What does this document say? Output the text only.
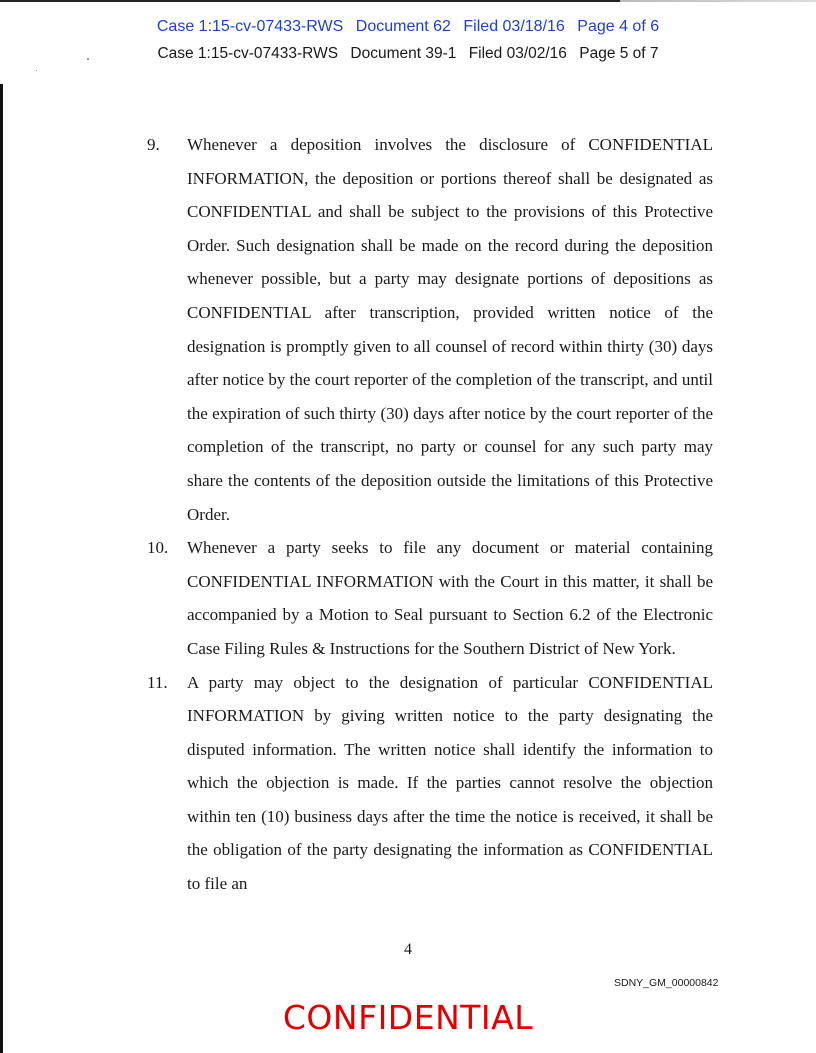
Case 1:15-cv-07433-RWS Document 62 Filed 03/18/16 Page 4 of 6
Case 1:15-cv-07433-RWS Document 39-1 Filed 03/02/16 Page 5 of 7
9.	Whenever a deposition involves the disclosure of CONFIDENTIAL INFORMATION, the deposition or portions thereof shall be designated as CONFIDENTIAL and shall be subject to the provisions of this Protective Order. Such designation shall be made on the record during the deposition whenever possible, but a party may designate portions of depositions as CONFIDENTIAL after transcription, provided written notice of the designation is promptly given to all counsel of record within thirty (30) days after notice by the court reporter of the completion of the transcript, and until the expiration of such thirty (30) days after notice by the court reporter of the completion of the transcript, no party or counsel for any such party may share the contents of the deposition outside the limitations of this Protective Order.
10.	Whenever a party seeks to file any document or material containing CONFIDENTIAL INFORMATION with the Court in this matter, it shall be accompanied by a Motion to Seal pursuant to Section 6.2 of the Electronic Case Filing Rules & Instructions for the Southern District of New York.
11.	A party may object to the designation of particular CONFIDENTIAL INFORMATION by giving written notice to the party designating the disputed information. The written notice shall identify the information to which the objection is made. If the parties cannot resolve the objection within ten (10) business days after the time the notice is received, it shall be the obligation of the party designating the information as CONFIDENTIAL to file an
4
CONFIDENTIAL
SDNY_GM_00000842
